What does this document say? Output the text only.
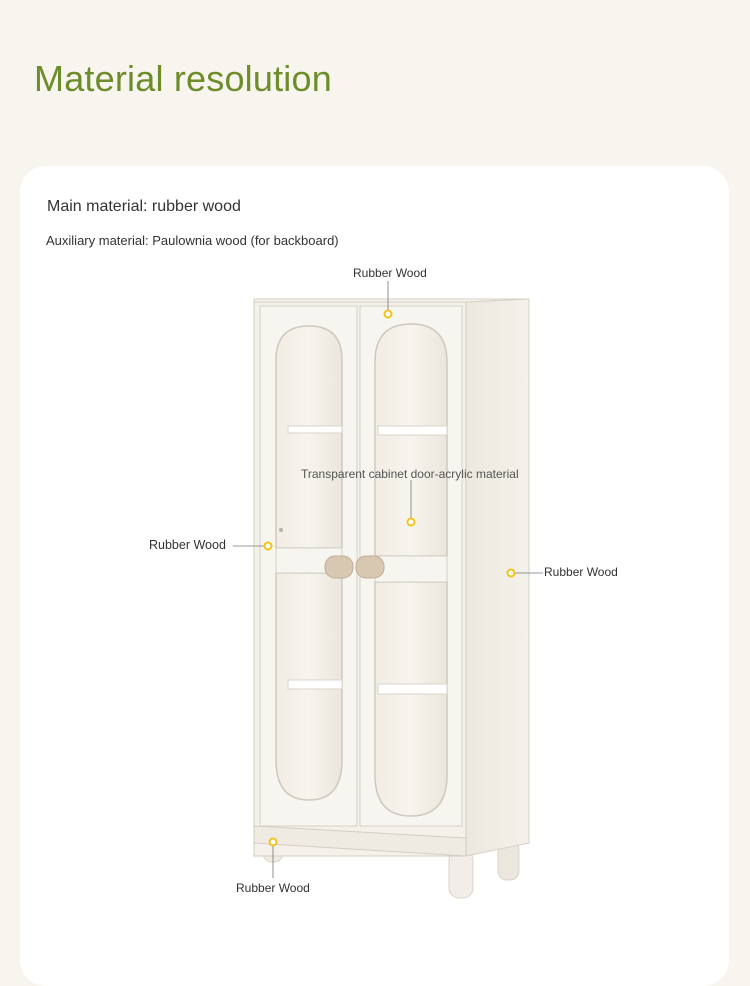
Material resolution
Main material: rubber wood
Auxiliary material: Paulownia wood (for backboard)
Rubber Wood
Transparent cabinet door-acrylic material
Rubber Wood
Rubber Wood
Rubber Wood
